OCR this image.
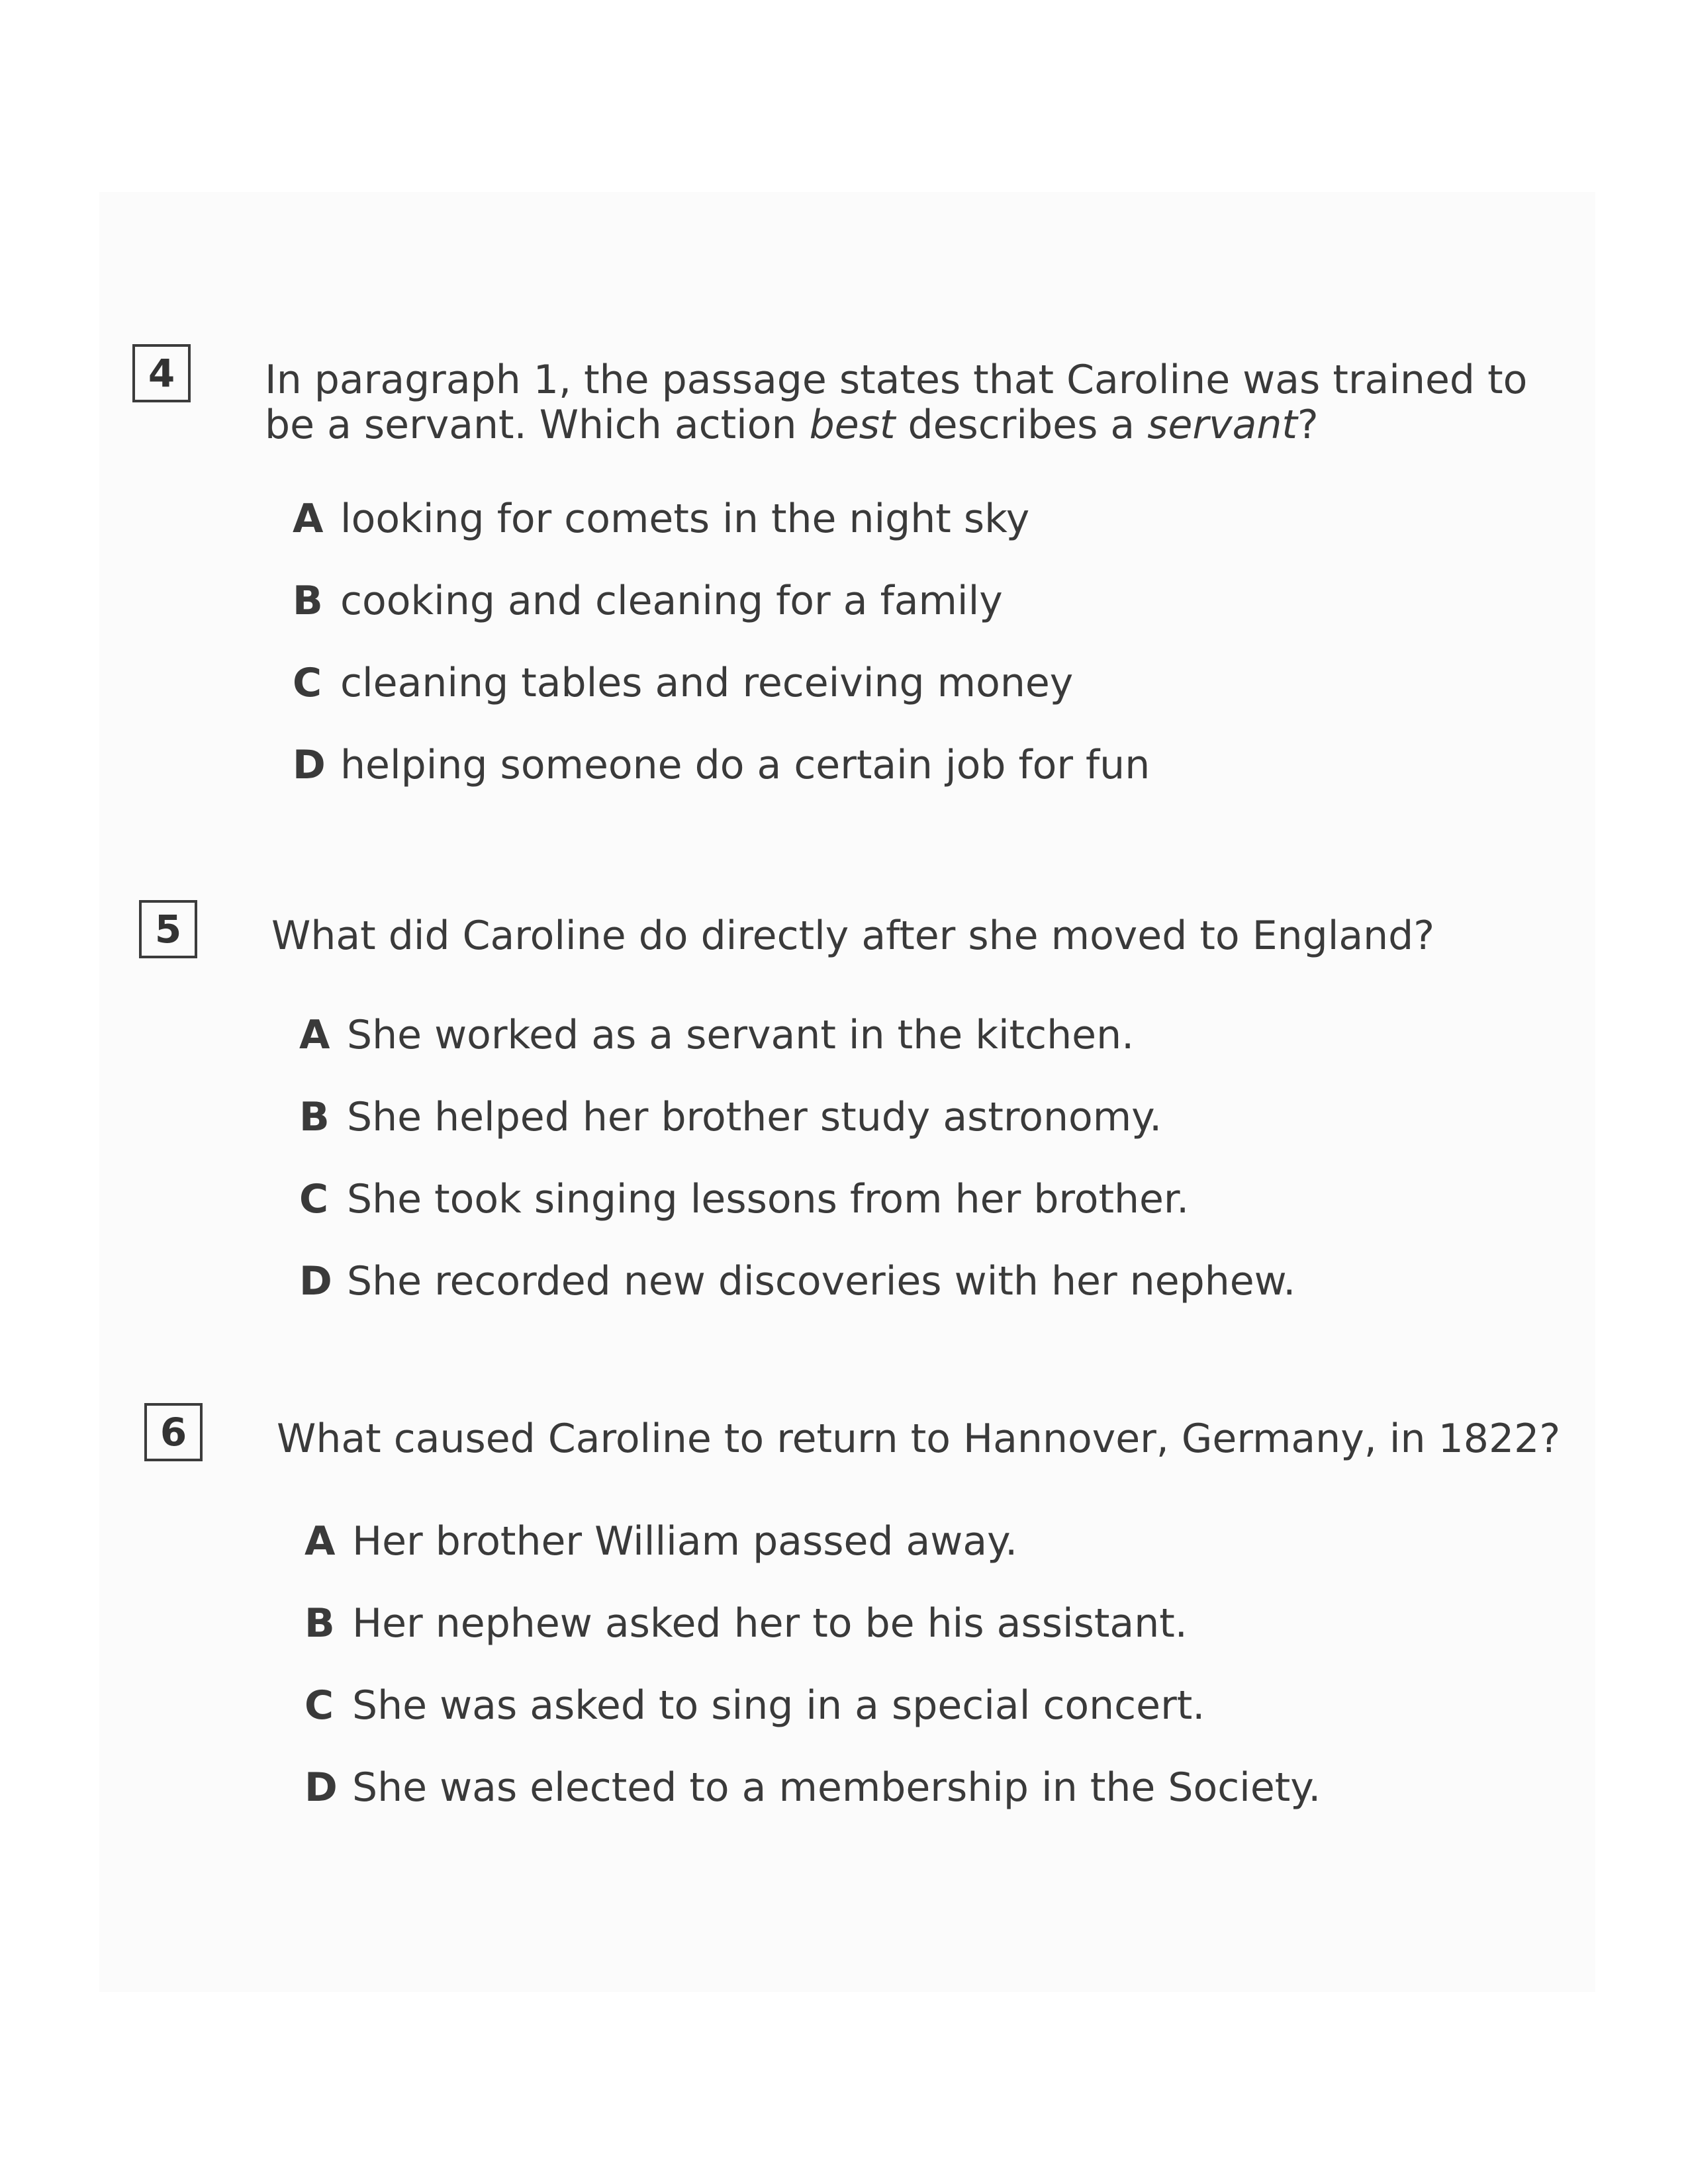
4	In paragraph 1, the passage states that Caroline was trained to be a servant. Which action best describes a servant?

A looking for comets in the night sky
B cooking and cleaning for a family
C cleaning tables and receiving money
D helping someone do a certain job for fun
5	What did Caroline do directly after she moved to England?

A She worked as a servant in the kitchen.
B She helped her brother study astronomy.
C She took singing lessons from her brother.
D She recorded new discoveries with her nephew.
6	What caused Caroline to return to Hannover, Germany, in 1822?

A Her brother William passed away.
B Her nephew asked her to be his assistant.
C She was asked to sing in a special concert.
D She was elected to a membership in the Society.
